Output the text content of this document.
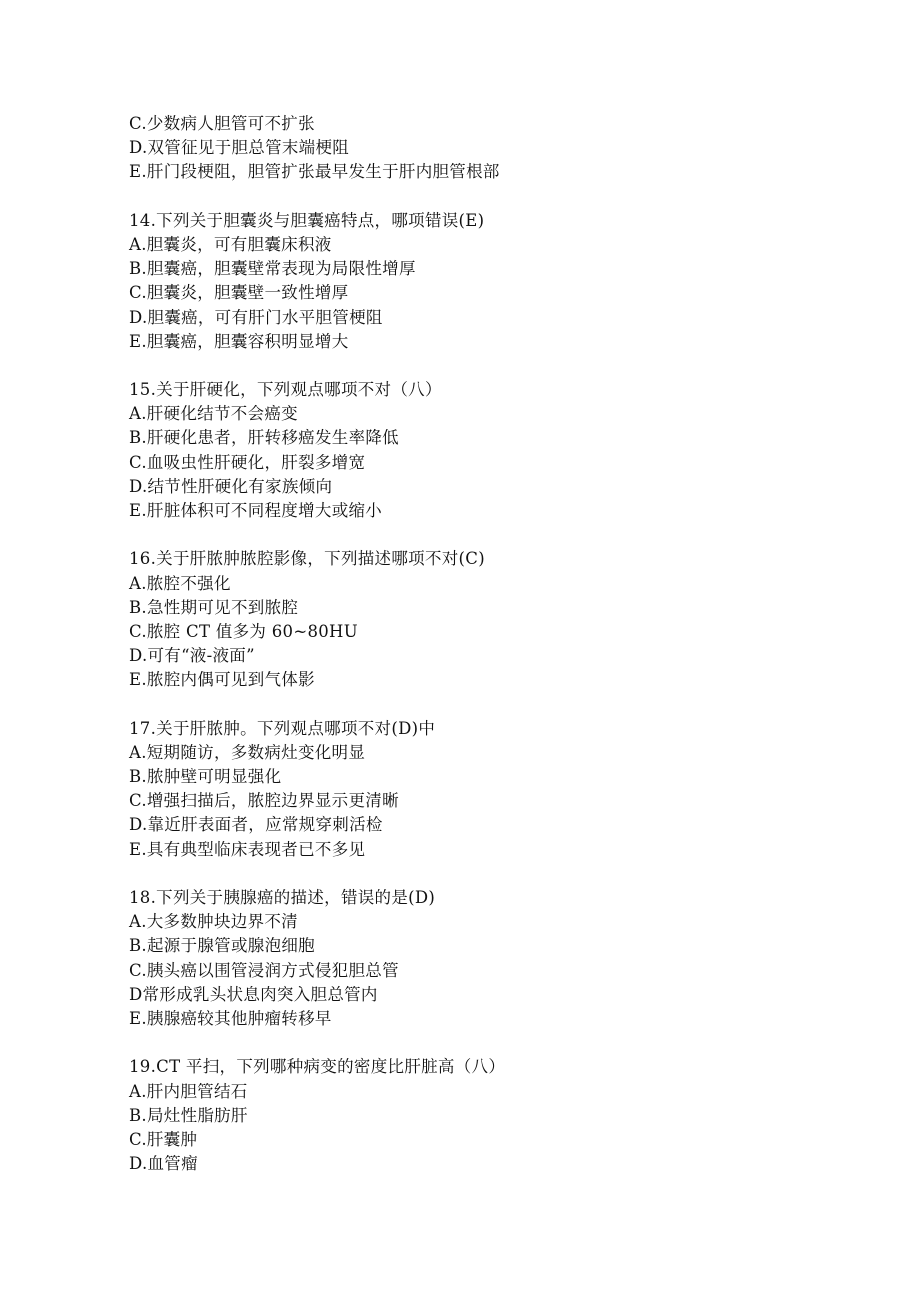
C.少数病人胆管可不扩张
D.双管征见于胆总管末端梗阻
E.肝门段梗阻，胆管扩张最早发生于肝内胆管根部
14.下列关于胆囊炎与胆囊癌特点，哪项错误(E)
A.胆囊炎，可有胆囊床积液
B.胆囊癌，胆囊壁常表现为局限性增厚
C.胆囊炎，胆囊壁一致性增厚
D.胆囊癌，可有肝门水平胆管梗阻
E.胆囊癌，胆囊容积明显增大
15.关于肝硬化，下列观点哪项不对（八）
A.肝硬化结节不会癌变
B.肝硬化患者，肝转移癌发生率降低
C.血吸虫性肝硬化，肝裂多增宽
D.结节性肝硬化有家族倾向
E.肝脏体积可不同程度增大或缩小
16.关于肝脓肿脓腔影像，下列描述哪项不对(C)
A.脓腔不强化
B.急性期可见不到脓腔
C.脓腔 CT 值多为 60~80HU
D.可有“液-液面”
E.脓腔内偶可见到气体影
17.关于肝脓肿。下列观点哪项不对(D)中
A.短期随访，多数病灶变化明显
B.脓肿壁可明显强化
C.增强扫描后，脓腔边界显示更清晰
D.靠近肝表面者，应常规穿刺活检
E.具有典型临床表现者已不多见
18.下列关于胰腺癌的描述，错误的是(D)
A.大多数肿块边界不清
B.起源于腺管或腺泡细胞
C.胰头癌以围管浸润方式侵犯胆总管
D常形成乳头状息肉突入胆总管内
E.胰腺癌较其他肿瘤转移早
19.CT 平扫，下列哪种病变的密度比肝脏高（八）
A.肝内胆管结石
B.局灶性脂肪肝
C.肝囊肿
D.血管瘤
